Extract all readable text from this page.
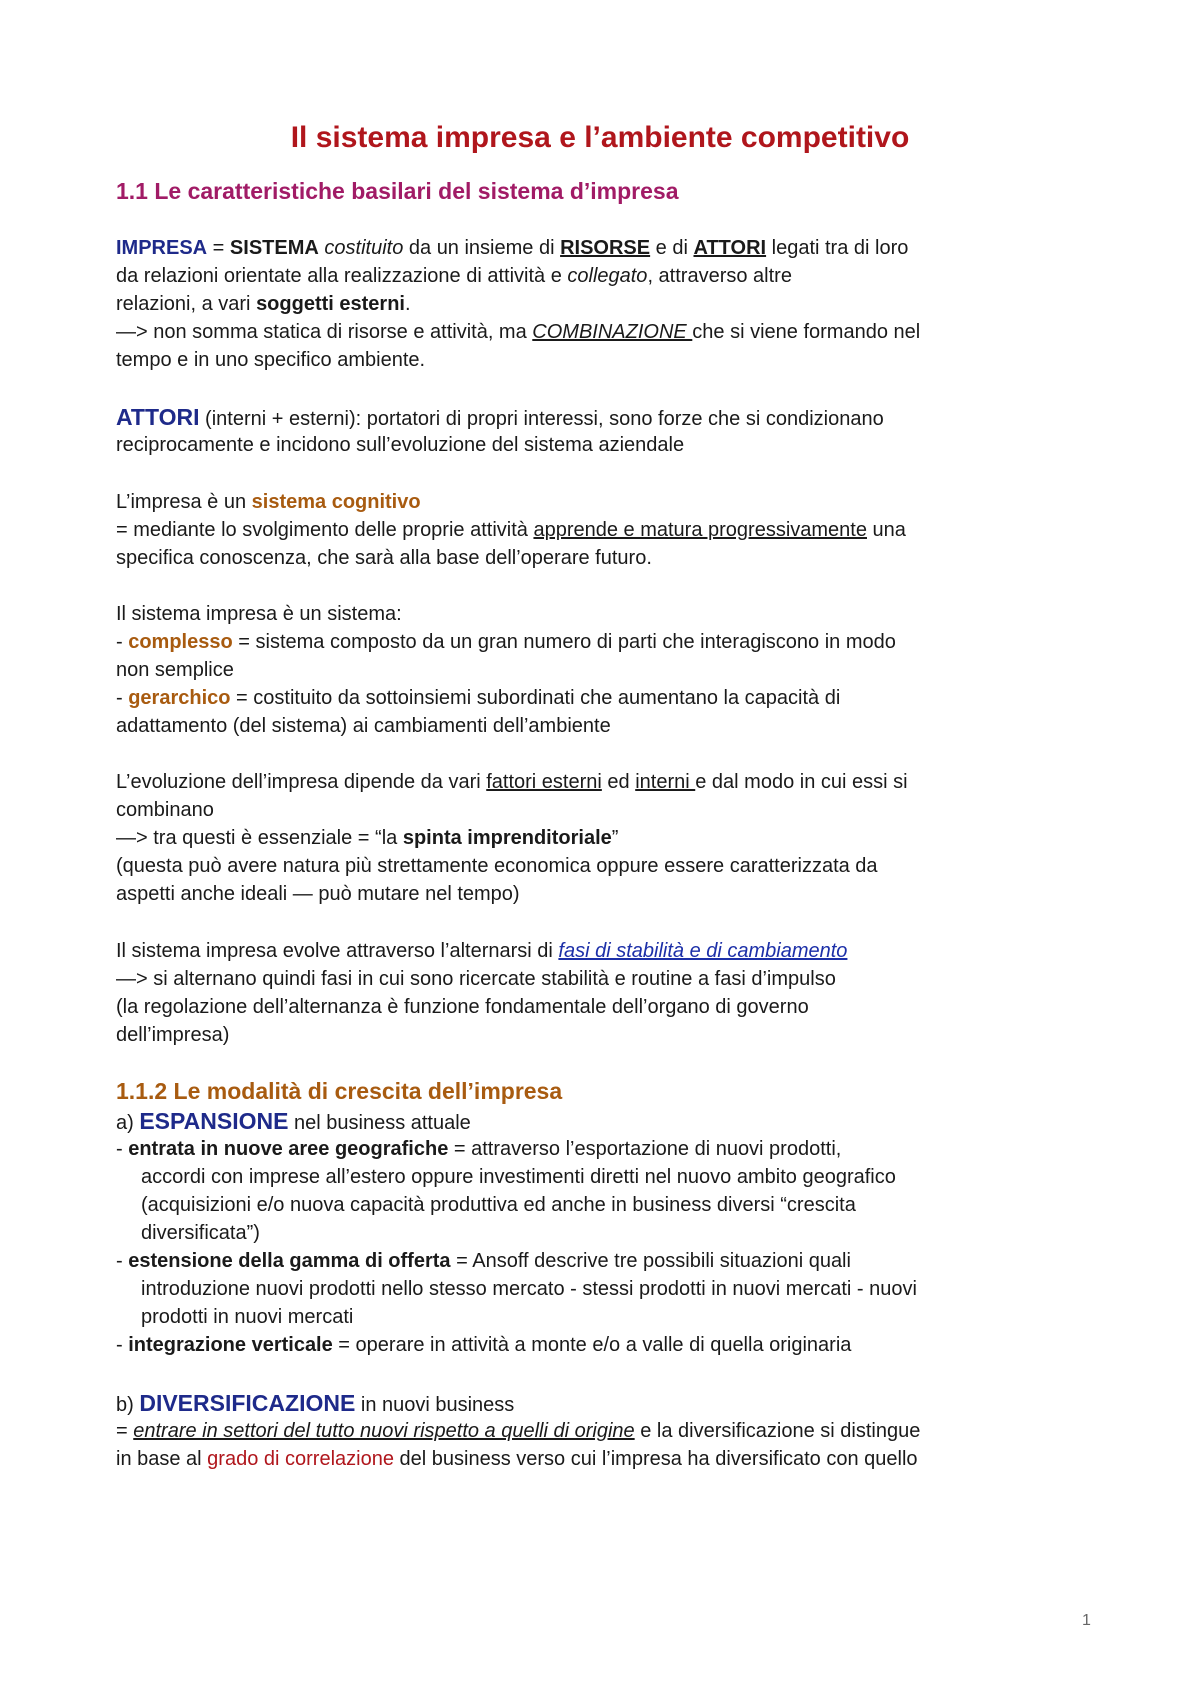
Il sistema impresa e l’ambiente competitivo
1.1 Le caratteristiche basilari del sistema d’impresa
IMPRESA = SISTEMA costituito da un insieme di RISORSE e di ATTORI legati tra di loro
da relazioni orientate alla realizzazione di attività e collegato, attraverso altre
relazioni, a vari soggetti esterni.
—> non somma statica di risorse e attività, ma COMBINAZIONE che si viene formando nel
tempo e in uno specifico ambiente.
ATTORI (interni + esterni): portatori di propri interessi, sono forze che si condizionano
reciprocamente e incidono sull’evoluzione del sistema aziendale
L’impresa è un sistema cognitivo
= mediante lo svolgimento delle proprie attività apprende e matura progressivamente una
specifica conoscenza, che sarà alla base dell’operare futuro.
Il sistema impresa è un sistema:
- complesso = sistema composto da un gran numero di parti che interagiscono in modo
non semplice
- gerarchico = costituito da sottoinsiemi subordinati che aumentano la capacità di
adattamento (del sistema) ai cambiamenti dell’ambiente
L’evoluzione dell’impresa dipende da vari fattori esterni ed interni e dal modo in cui essi si
combinano
—> tra questi è essenziale = “la spinta imprenditoriale”
(questa può avere natura più strettamente economica oppure essere caratterizzata da
aspetti anche ideali — può mutare nel tempo)
Il sistema impresa evolve attraverso l’alternarsi di fasi di stabilità e di cambiamento
—> si alternano quindi fasi in cui sono ricercate stabilità e routine a fasi d’impulso
(la regolazione dell’alternanza è funzione fondamentale dell’organo di governo
dell’impresa)
1.1.2 Le modalità di crescita dell’impresa
a) ESPANSIONE nel business attuale
- entrata in nuove aree geografiche = attraverso l’esportazione di nuovi prodotti,
accordi con imprese all’estero oppure investimenti diretti nel nuovo ambito geografico
(acquisizioni e/o nuova capacità produttiva ed anche in business diversi “crescita
diversificata”)
- estensione della gamma di offerta = Ansoff descrive tre possibili situazioni quali
introduzione nuovi prodotti nello stesso mercato - stessi prodotti in nuovi mercati - nuovi
prodotti in nuovi mercati
- integrazione verticale = operare in attività a monte e/o a valle di quella originaria
b) DIVERSIFICAZIONE in nuovi business
= entrare in settori del tutto nuovi rispetto a quelli di origine e la diversificazione si distingue
in base al grado di correlazione del business verso cui l’impresa ha diversificato con quello
1
